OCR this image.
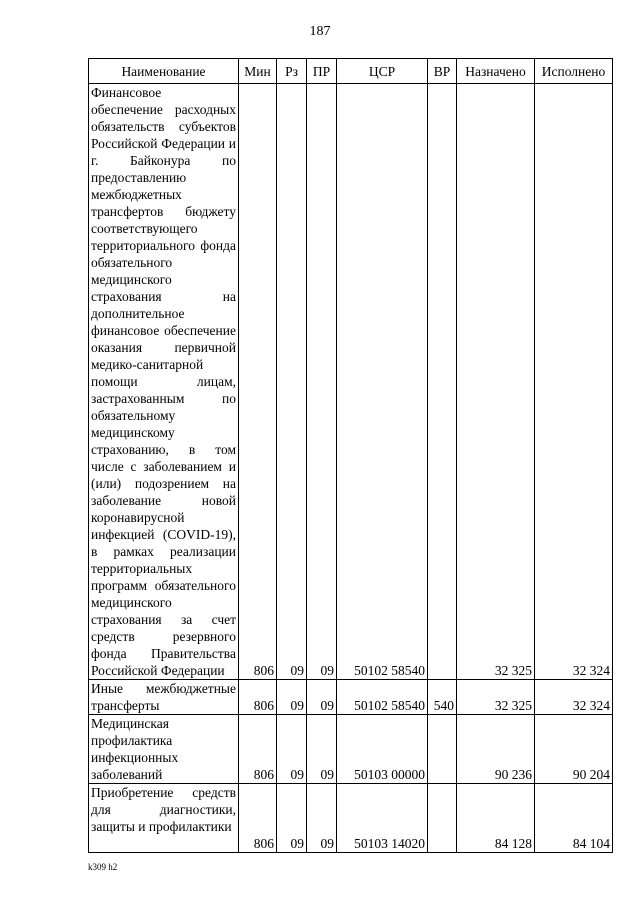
187
Наименование	Мин	Рз	ПР	ЦСР	ВР	Назначено	Исполнено
Финансовое обеспечение расходных обязательств субъектов Российской Федерации и г. Байконура по предоставлению межбюджетных трансфертов бюджету соответствующего территориального фонда обязательного медицинского страхования на дополнительное финансовое обеспечение оказания первичной медико-санитарной помощи лицам, застрахованным по обязательному медицинскому страхованию, в том числе с заболеванием и (или) подозрением на заболевание новой коронавирусной инфекцией (COVID-19), в рамках реализации территориальных программ обязательного медицинского страхования за счет средств резервного фонда Правительства Российской Федерации	806	09	09	50102 58540		32 325	32 324
Иные межбюджетные трансферты	806	09	09	50102 58540	540	32 325	32 324
Медицинская профилактика инфекционных заболеваний	806	09	09	50103 00000		90 236	90 204
Приобретение средств для диагностики, защиты и профилактики	806	09	09	50103 14020		84 128	84 104
k309 h2
